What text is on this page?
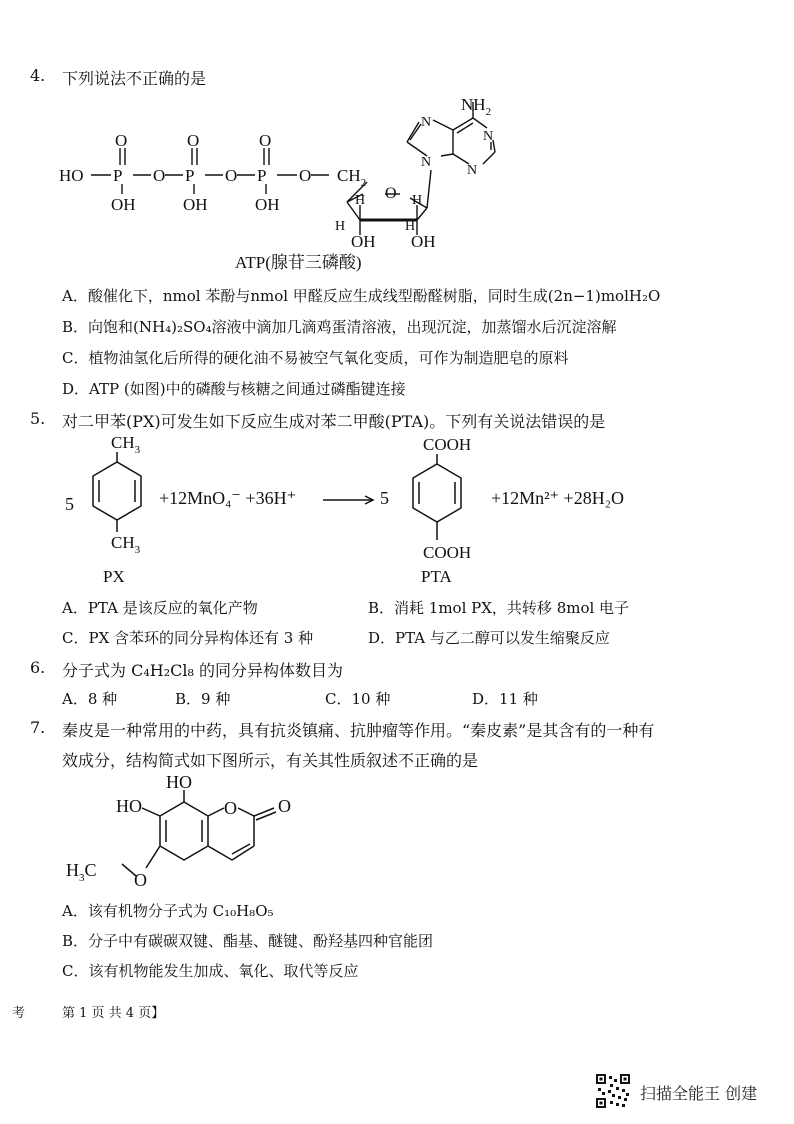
4. 下列说法不正确的是
HO P	P	P
O	O	O
O	O	O
OH	OH	OH
$CH_2$
O
H	H
H	H
OH OH
N
N
N
N
$NH_2$
ATP(腺苷三磷酸)
A．酸催化下，nmol 苯酚与nmol 甲醛反应生成线型酚醛树脂，同时生成(2n−1)molH₂O
B．向饱和(NH₄)₂SO₄溶液中滴加几滴鸡蛋清溶液，出现沉淀，加蒸馏水后沉淀溶解
C．植物油氢化后所得的硬化油不易被空气氧化变质，可作为制造肥皂的原料
D．ATP (如图)中的磷酸与核糖之间通过磷酯键连接
5. 对二甲苯(PX)可发生如下反应生成对苯二甲酸(PTA)。下列有关说法错误的是
5
$CH_3$
$CH_3$
+12MnO₄⁻ +36H⁺	5
COOH
COOH
+12Mn²⁺ +28H₂O
PX	PTA
A．PTA 是该反应的氧化产物	B．消耗 1mol PX，共转移 8mol 电子
C．PX 含苯环的同分异构体还有 3 种	D．PTA 与乙二醇可以发生缩聚反应
6. 分子式为 C₄H₂Cl₈ 的同分异构体数目为
A．8 种	B．9 种	C．10 种	D．11 种
7. 秦皮是一种常用的中药，具有抗炎镇痛、抗肿瘤等作用。“秦皮素”是其含有的一种有
效成分，结构简式如下图所示，有关其性质叙述不正确的是
HO
HO	O O
O
$H_3C$
A．该有机物分子式为 C₁₀H₈O₅
B．分子中有碳碳双键、酯基、醚键、酚羟基四种官能团
C．该有机物能发生加成、氧化、取代等反应
考	第 1 页 共 4 页】
扫描全能王 创建
